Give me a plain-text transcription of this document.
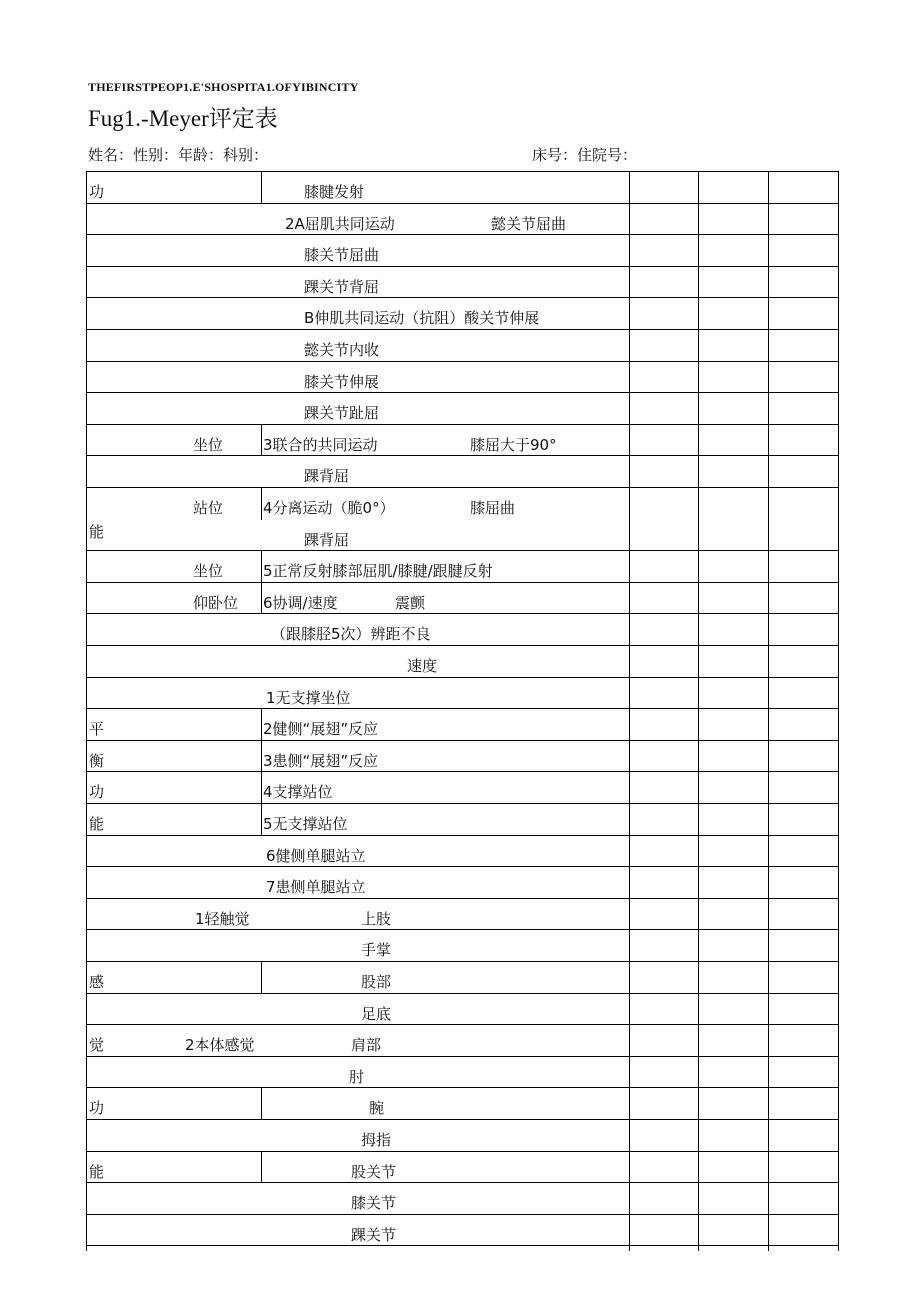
THEFIRSTPEOP1.E'SHOSPITA1.OFYIBINCITY
Fug1.-Meyer评定表
姓名：性别：年龄：科别：	床号：住院号：
功	膝腱发射
2A屈肌共同运动	懿关节屈曲
膝关节屈曲
踝关节背屈
B伸肌共同运动（抗阻）酸关节伸展
懿关节内收
膝关节伸展
踝关节趾屈
坐位	3联合的共同运动	膝屈大于90°
踝背屈
站位	4分离运动（脆0°）	膝屈曲
能	踝背屈
坐位	5正常反射膝部屈肌/膝腱/跟腱反射
仰卧位 6协调/速度	震颤
（跟膝胫5次）辨距不良
速度
1无支撑坐位
平	2健侧“展翅”反应
衡	3患侧“展翅”反应
功	4支撑站位
能	5无支撑站位
6健侧单腿站立
7患侧单腿站立
1轻触觉	上肢
手掌
感	股部
足底
觉	2本体感觉	肩部
肘
功	腕
拇指
能	股关节
膝关节
踝关节
